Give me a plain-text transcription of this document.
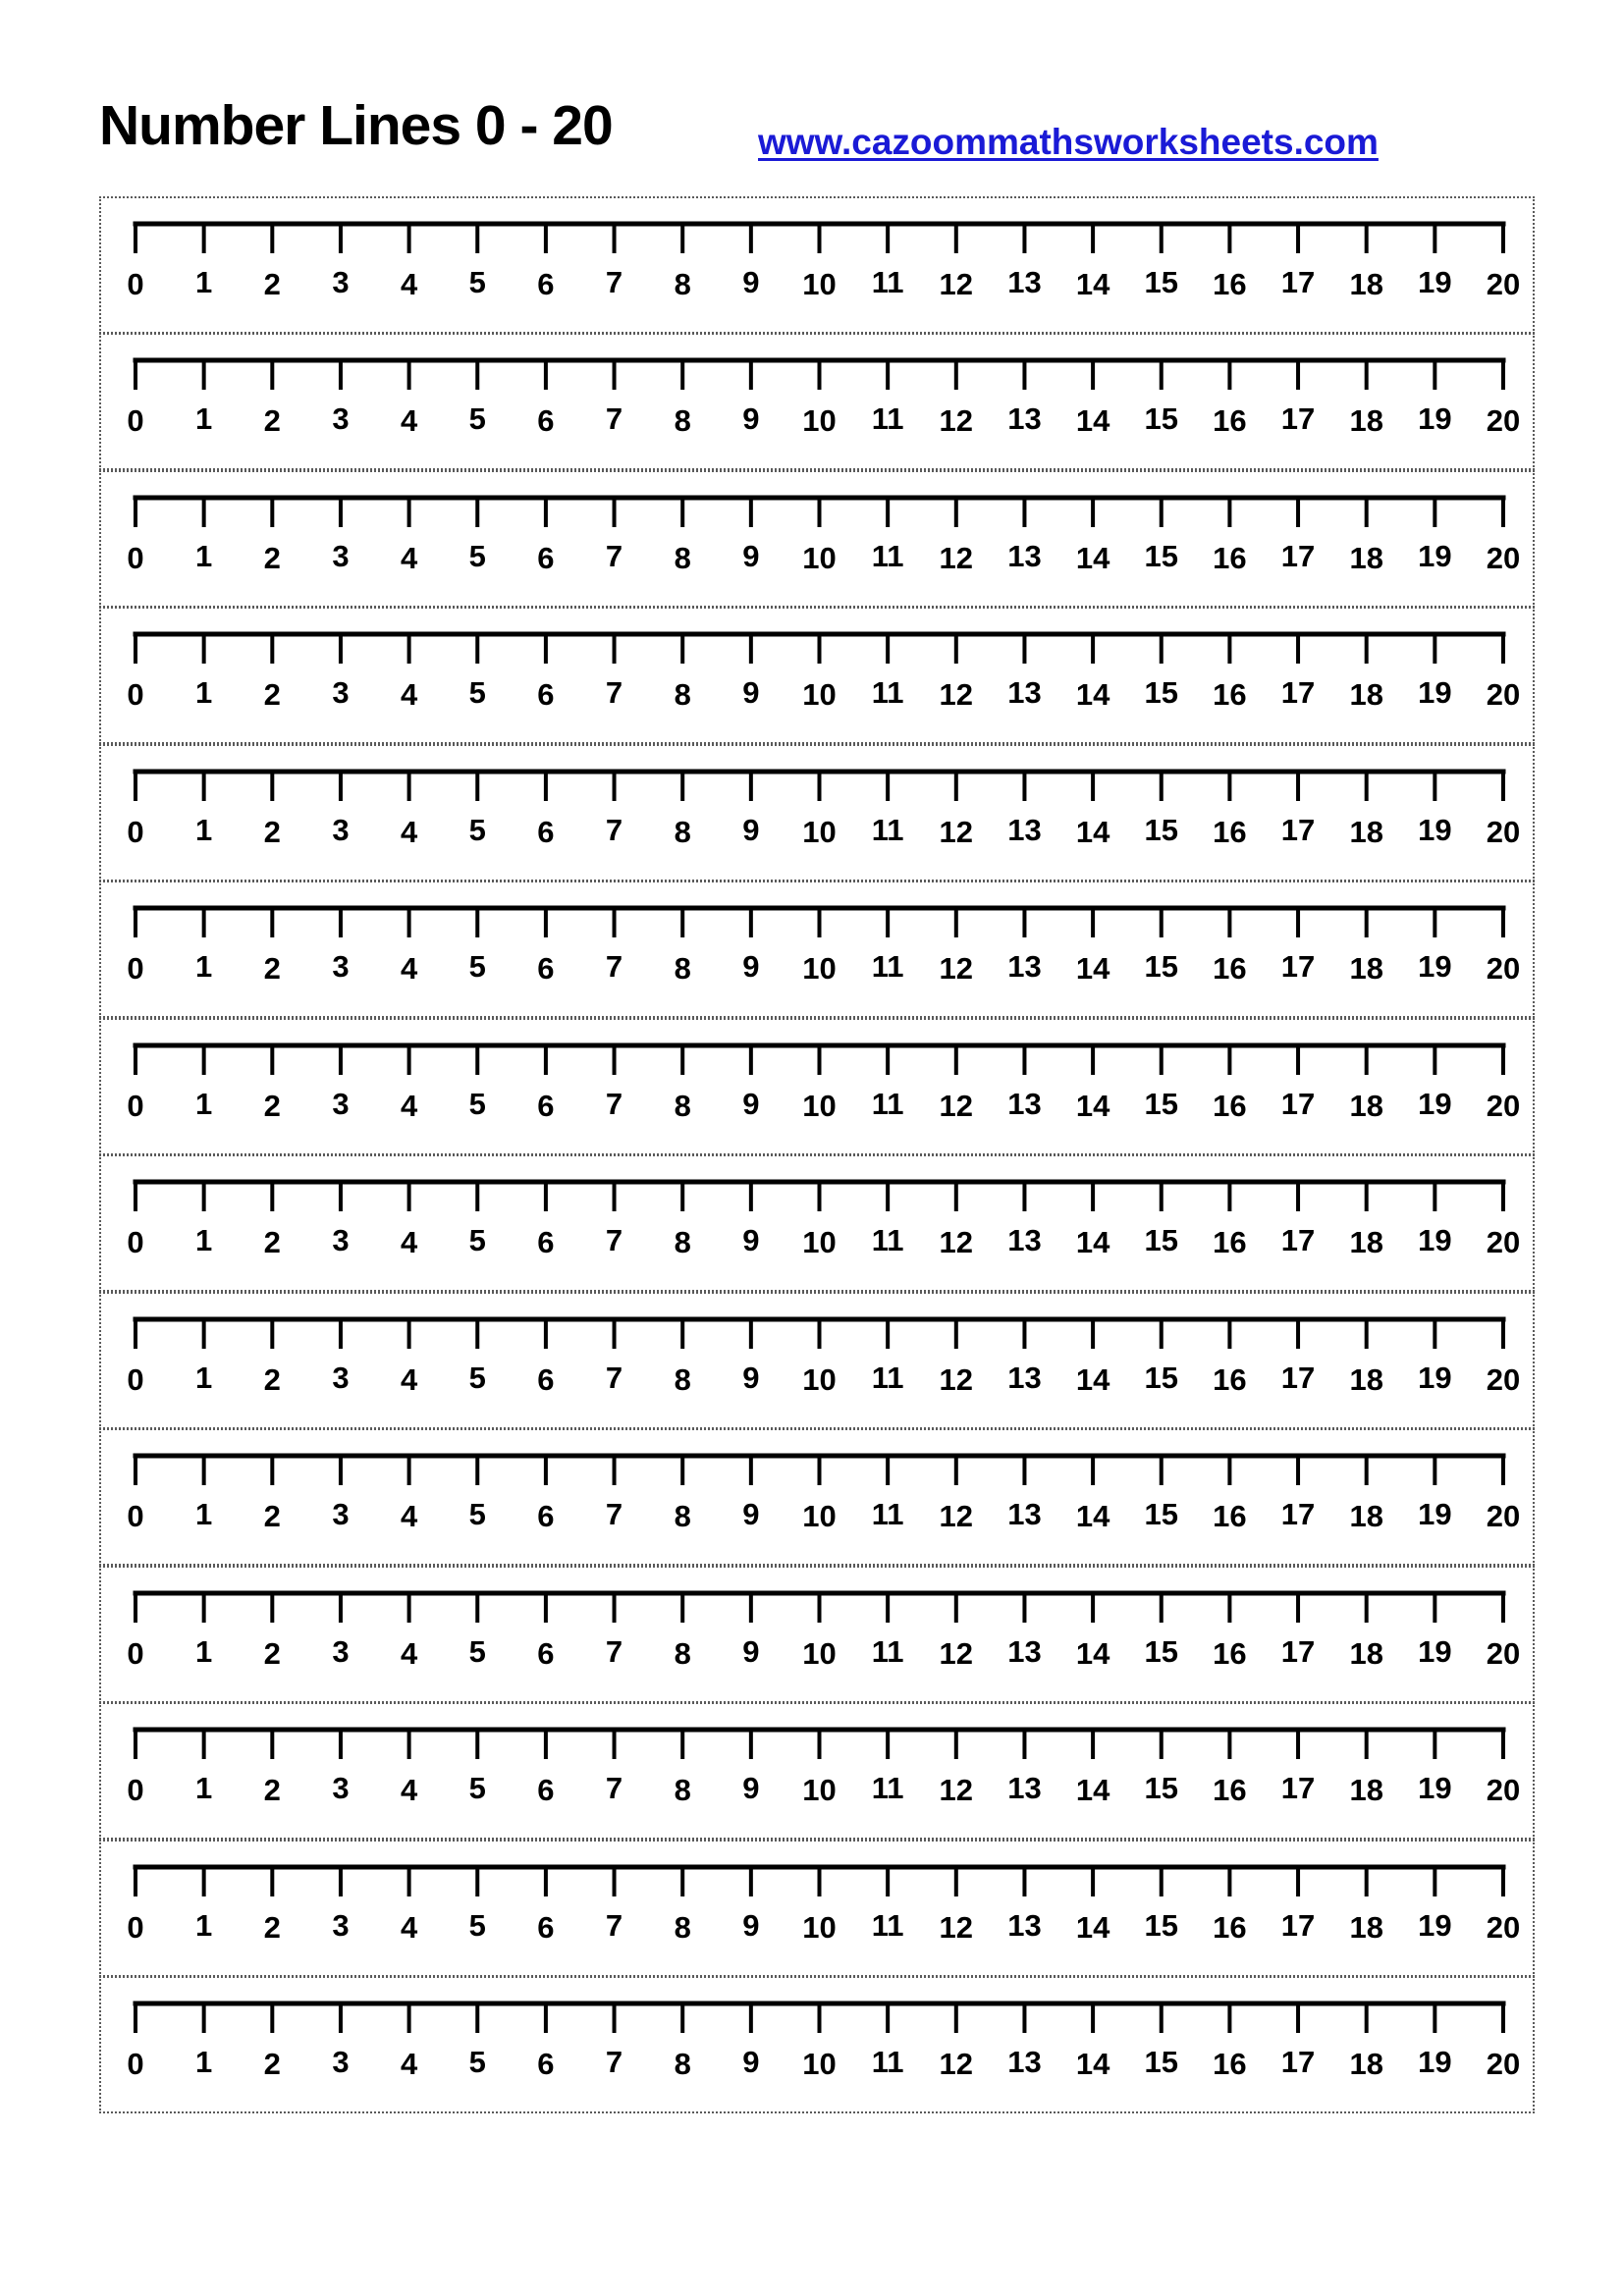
Number Lines 0 - 20	www.cazoommathsworksheets.com
0 1 2 3 4 5 6 7 8 9 10 11 12 13 14 15 16 17 18 19 20
0 1 2 3 4 5 6 7 8 9 10 11 12 13 14 15 16 17 18 19 20
0 1 2 3 4 5 6 7 8 9 10 11 12 13 14 15 16 17 18 19 20
0 1 2 3 4 5 6 7 8 9 10 11 12 13 14 15 16 17 18 19 20
0 1 2 3 4 5 6 7 8 9 10 11 12 13 14 15 16 17 18 19 20
0 1 2 3 4 5 6 7 8 9 10 11 12 13 14 15 16 17 18 19 20
0 1 2 3 4 5 6 7 8 9 10 11 12 13 14 15 16 17 18 19 20
0 1 2 3 4 5 6 7 8 9 10 11 12 13 14 15 16 17 18 19 20
0 1 2 3 4 5 6 7 8 9 10 11 12 13 14 15 16 17 18 19 20
0 1 2 3 4 5 6 7 8 9 10 11 12 13 14 15 16 17 18 19 20
0 1 2 3 4 5 6 7 8 9 10 11 12 13 14 15 16 17 18 19 20
0 1 2 3 4 5 6 7 8 9 10 11 12 13 14 15 16 17 18 19 20
0 1 2 3 4 5 6 7 8 9 10 11 12 13 14 15 16 17 18 19 20
0 1 2 3 4 5 6 7 8 9 10 11 12 13 14 15 16 17 18 19 20
